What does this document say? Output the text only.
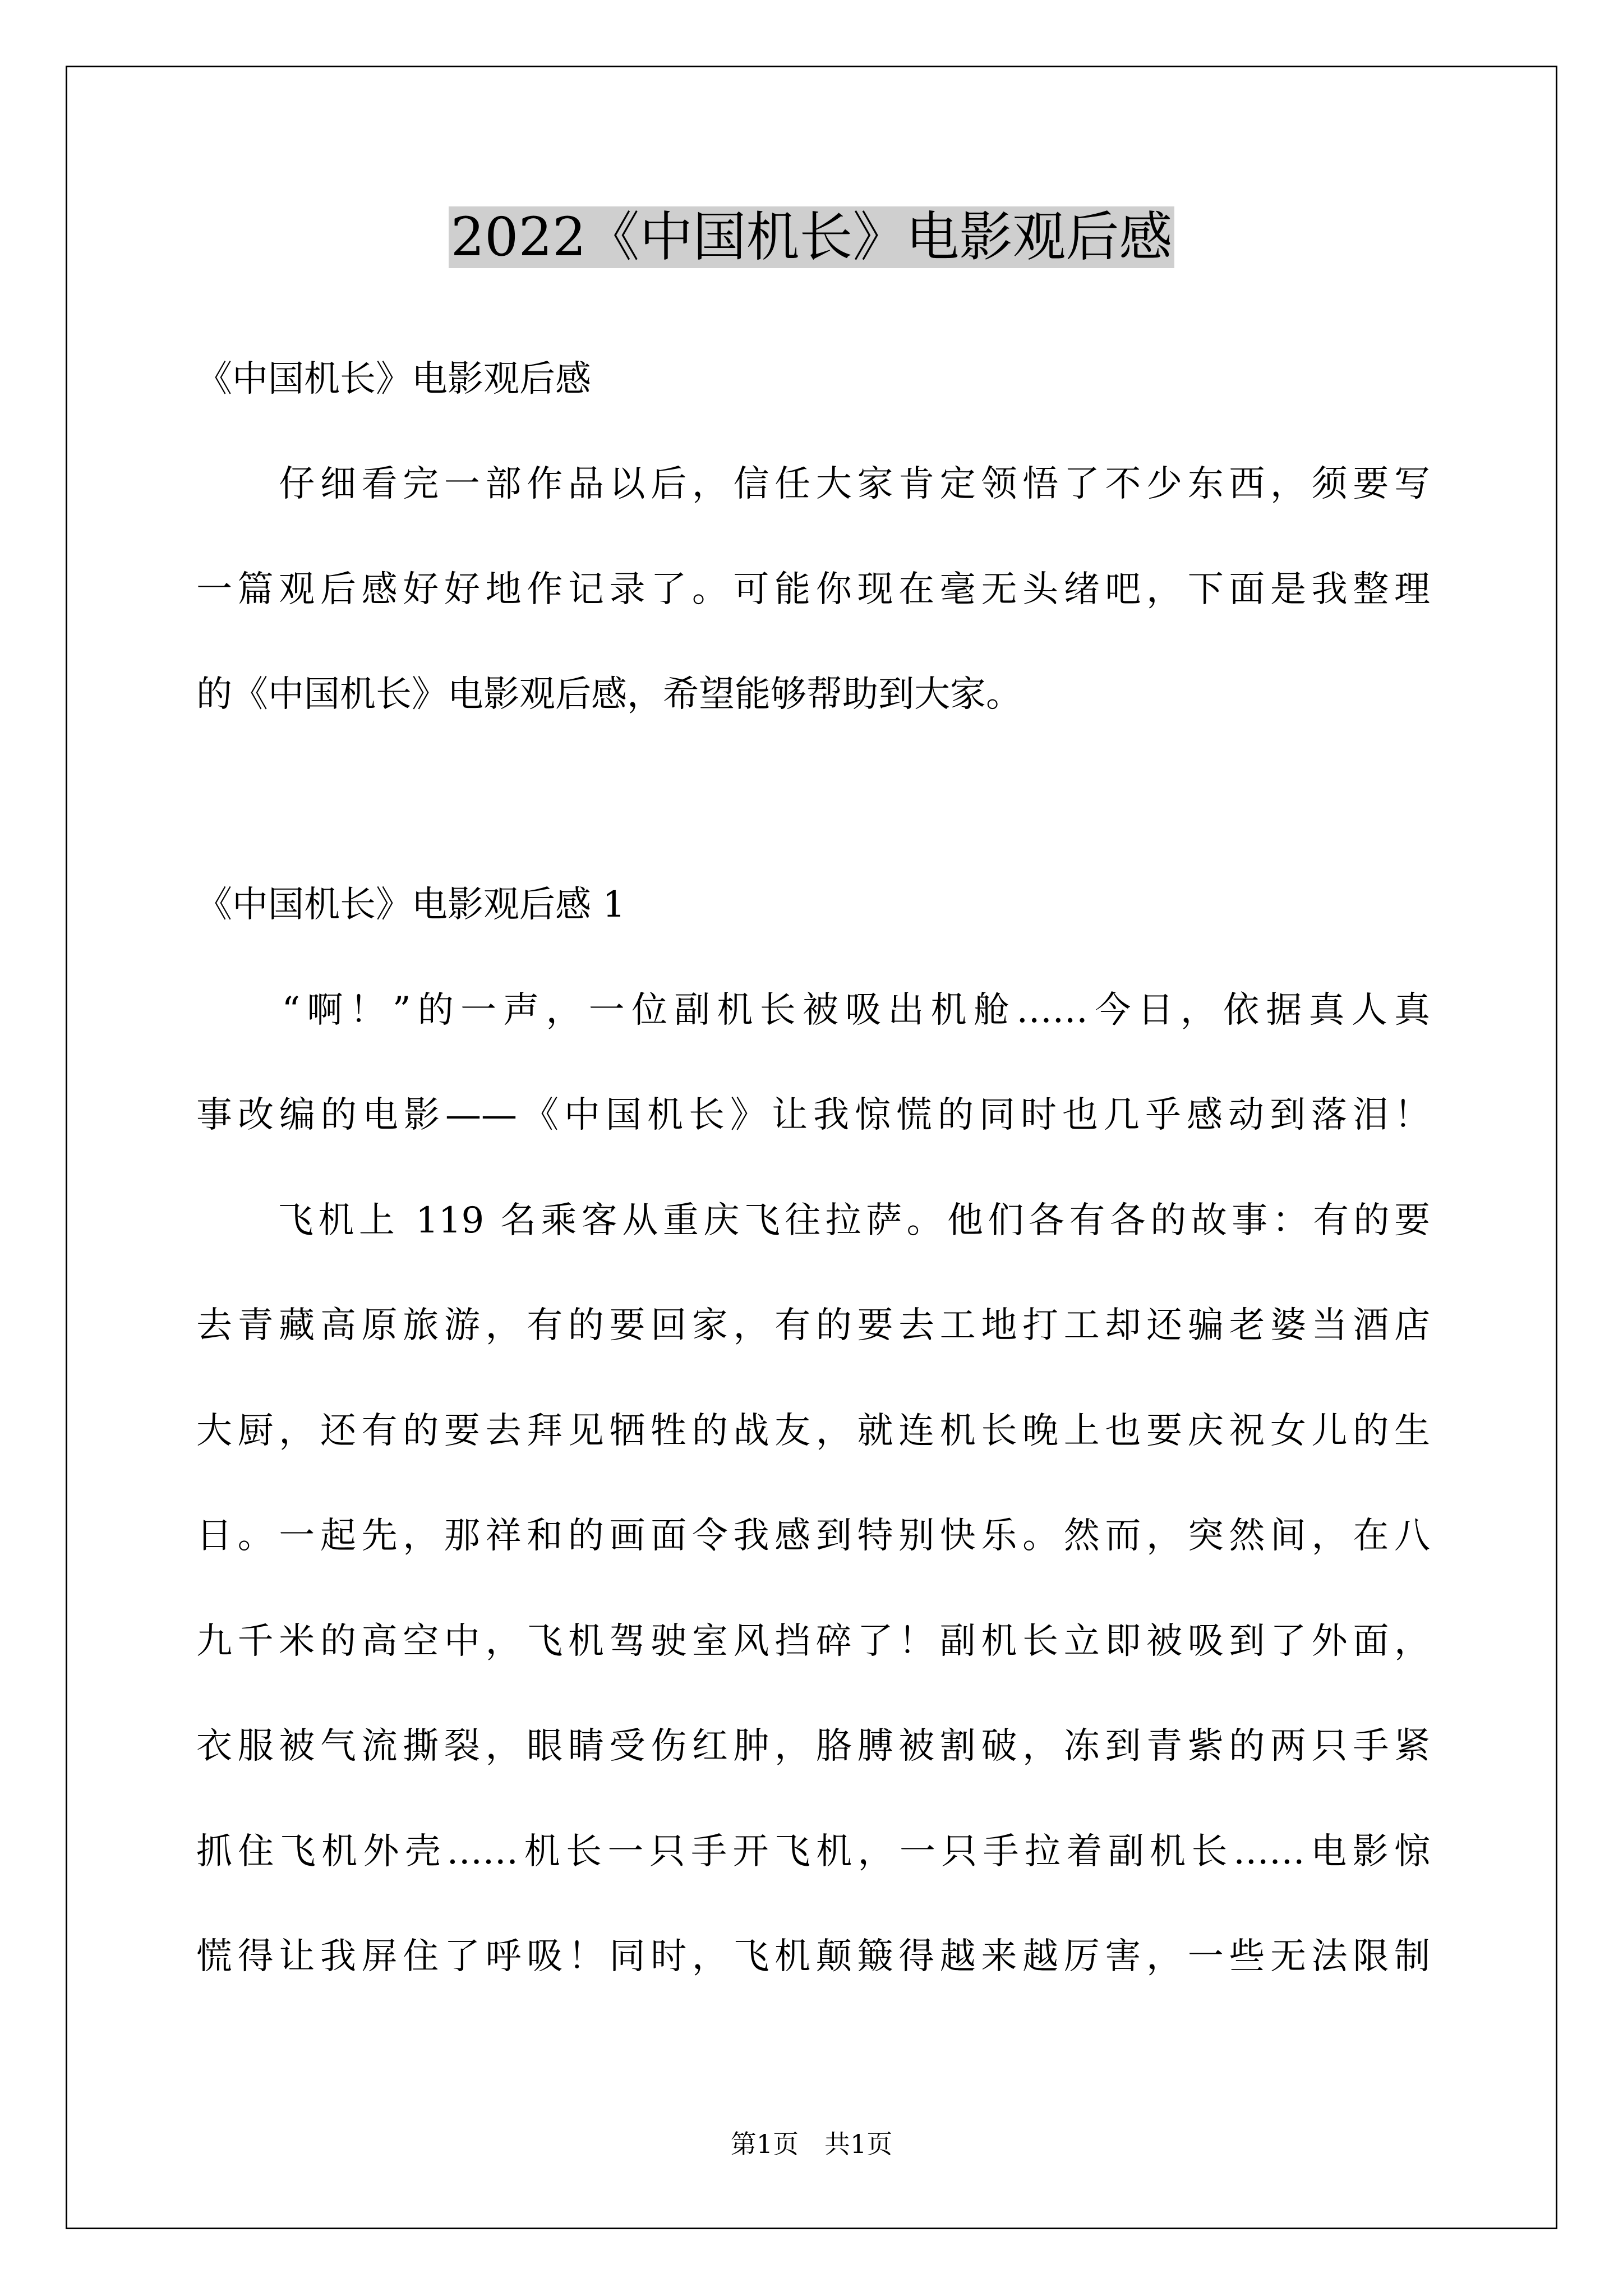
2022《中国机长》电影观后感
《中国机长》电影观后感
　　仔细看完一部作品以后，信任大家肯定领悟了不少东西，须要写
一篇观后感好好地作记录了。可能你现在毫无头绪吧，下面是我整理
的《中国机长》电影观后感，希望能够帮助到大家。
《中国机长》电影观后感 1
　　“啊！”的一声，一位副机长被吸出机舱……今日，依据真人真
事改编的电影——《中国机长》让我惊慌的同时也几乎感动到落泪！
　　飞机上 119 名乘客从重庆飞往拉萨。他们各有各的故事：有的要
去青藏高原旅游，有的要回家，有的要去工地打工却还骗老婆当酒店
大厨，还有的要去拜见牺牲的战友，就连机长晚上也要庆祝女儿的生
日。一起先，那祥和的画面令我感到特别快乐。然而，突然间，在八
九千米的高空中，飞机驾驶室风挡碎了！副机长立即被吸到了外面，
衣服被气流撕裂，眼睛受伤红肿，胳膊被割破，冻到青紫的两只手紧
抓住飞机外壳……机长一只手开飞机，一只手拉着副机长……电影惊
慌得让我屏住了呼吸！同时，飞机颠簸得越来越厉害，一些无法限制
第1页　共1页
